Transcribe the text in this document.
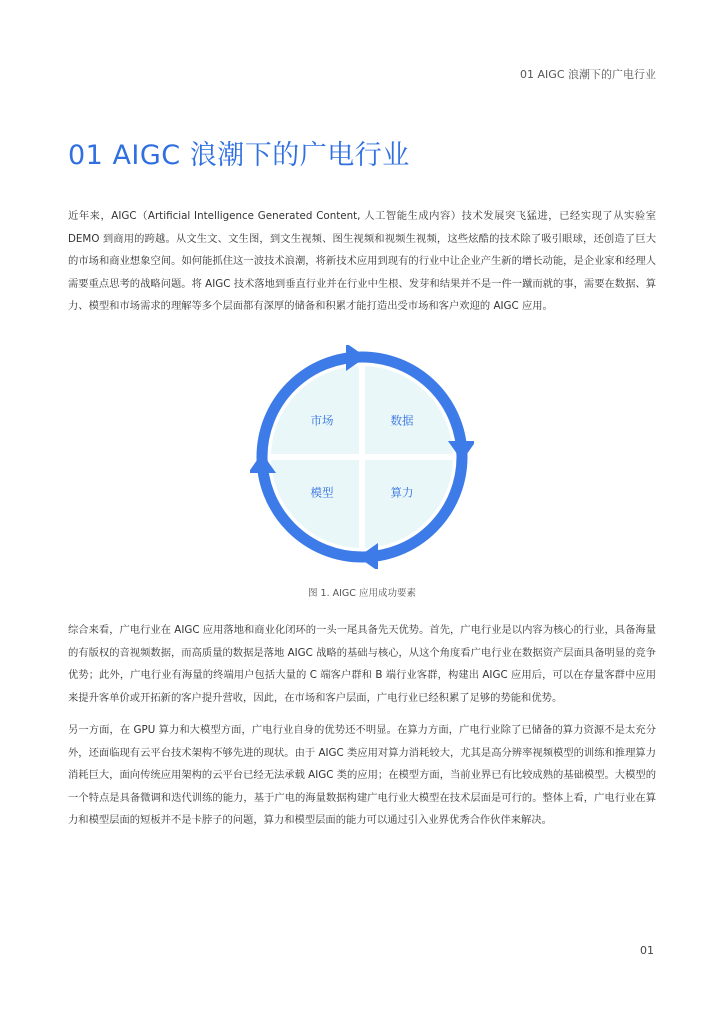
01 AIGC 浪潮下的广电行业
01 AIGC 浪潮下的广电行业

近年来，AIGC（Artificial Intelligence Generated Content, 人工智能生成内容）技术发展突飞猛进，已经实现了从实验室 DEMO 到商用的跨越。从文生文、文生图，到文生视频、图生视频和视频生视频，这些炫酷的技术除了吸引眼球，还创造了巨大的市场和商业想象空间。如何能抓住这一波技术浪潮，将新技术应用到现有的行业中让企业产生新的增长动能，是企业家和经理人需要重点思考的战略问题。将 AIGC 技术落地到垂直行业并在行业中生根、发芽和结果并不是一件一蹴而就的事，需要在数据、算力、模型和市场需求的理解等多个层面都有深厚的储备和积累才能打造出受市场和客户欢迎的 AIGC 应用。

市场	数据
模型	算力
图 1. AIGC 应用成功要素

综合来看，广电行业在 AIGC 应用落地和商业化闭环的一头一尾具备先天优势。首先，广电行业是以内容为核心的行业，具备海量的有版权的音视频数据，而高质量的数据是落地 AIGC 战略的基础与核心，从这个角度看广电行业在数据资产层面具备明显的竞争优势；此外，广电行业有海量的终端用户包括大量的 C 端客户群和 B 端行业客群，构建出 AIGC 应用后，可以在存量客群中应用来提升客单价或开拓新的客户提升营收，因此，在市场和客户层面，广电行业已经积累了足够的势能和优势。

另一方面，在 GPU 算力和大模型方面，广电行业自身的优势还不明显。在算力方面，广电行业除了已储备的算力资源不是太充分外，还面临现有云平台技术架构不够先进的现状。由于 AIGC 类应用对算力消耗较大，尤其是高分辨率视频模型的训练和推理算力消耗巨大，面向传统应用架构的云平台已经无法承载 AIGC 类的应用；在模型方面，当前业界已有比较成熟的基础模型。大模型的一个特点是具备微调和迭代训练的能力，基于广电的海量数据构建广电行业大模型在技术层面是可行的。整体上看，广电行业在算力和模型层面的短板并不是卡脖子的问题，算力和模型层面的能力可以通过引入业界优秀合作伙伴来解决。

01
